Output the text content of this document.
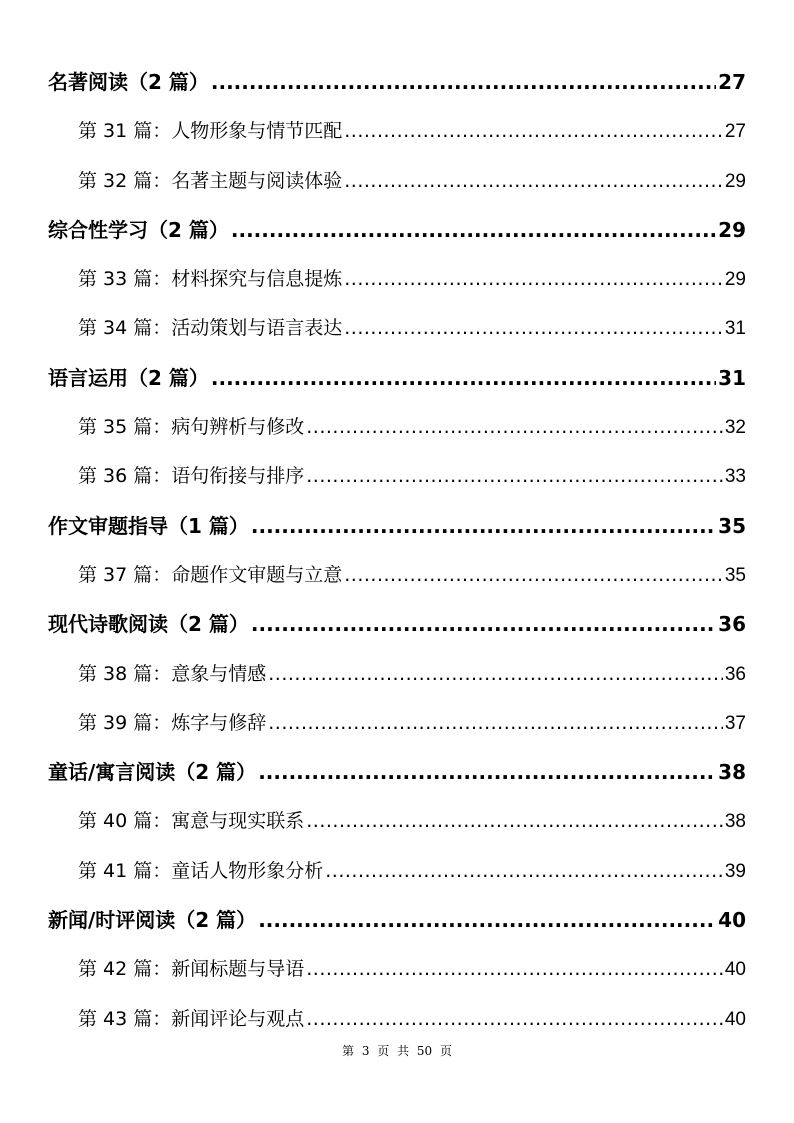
名著阅读（2 篇） .....	27
第 31 篇：人物形象与情节匹配 .....	27
第 32 篇：名著主题与阅读体验 .....	29
综合性学习（2 篇） .....	29
第 33 篇：材料探究与信息提炼 .....	29
第 34 篇：活动策划与语言表达 .....	31
语言运用（2 篇） .....	31
第 35 篇：病句辨析与修改 .....	32
第 36 篇：语句衔接与排序 .....	33
作文审题指导（1 篇） .....	35
第 37 篇：命题作文审题与立意 .....	35
现代诗歌阅读（2 篇） .....	36
第 38 篇：意象与情感 .....	36
第 39 篇：炼字与修辞 .....	37
童话/寓言阅读（2 篇） .....	38
第 40 篇：寓意与现实联系 .....	38
第 41 篇：童话人物形象分析 .....	39
新闻/时评阅读（2 篇） .....	40
第 42 篇：新闻标题与导语 .....	40
第 43 篇：新闻评论与观点 .....	40
第 3 页 共 50 页
